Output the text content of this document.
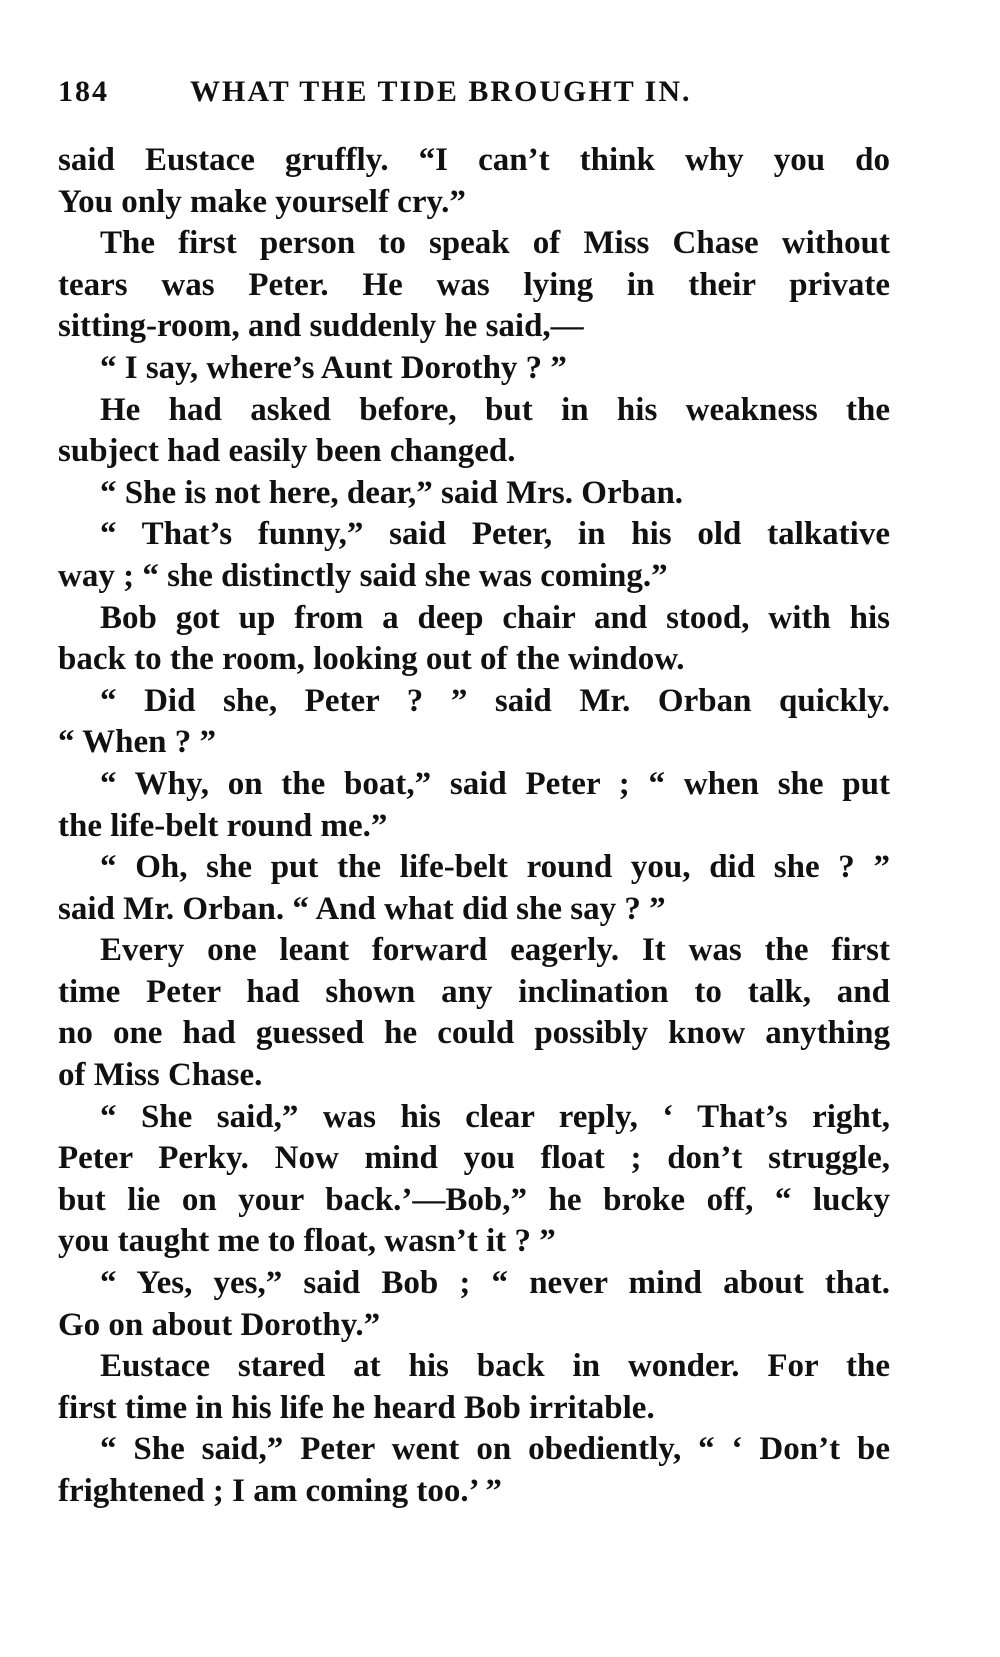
184	WHAT THE TIDE BROUGHT IN.
said Eustace gruffly. “I can’t think why you do
You only make yourself cry.”
The first person to speak of Miss Chase without
tears was Peter. He was lying in their private
sitting-room, and suddenly he said,—
“ I say, where’s Aunt Dorothy ? ”
He had asked before, but in his weakness the
subject had easily been changed.
“ She is not here, dear,” said Mrs. Orban.
“ That’s funny,” said Peter, in his old talkative
way ; “ she distinctly said she was coming.”
Bob got up from a deep chair and stood, with his
back to the room, looking out of the window.
“ Did she, Peter ? ” said Mr. Orban quickly.
“ When ? ”
“ Why, on the boat,” said Peter ; “ when she put
the life-belt round me.”
“ Oh, she put the life-belt round you, did she ? ”
said Mr. Orban. “ And what did she say ? ”
Every one leant forward eagerly. It was the first
time Peter had shown any inclination to talk, and
no one had guessed he could possibly know anything
of Miss Chase.
“ She said,” was his clear reply, ‘ That’s right,
Peter Perky. Now mind you float ; don’t struggle,
but lie on your back.’—Bob,” he broke off, “ lucky
you taught me to float, wasn’t it ? ”
“ Yes, yes,” said Bob ; “ never mind about that.
Go on about Dorothy.”
Eustace stared at his back in wonder. For the
first time in his life he heard Bob irritable.
“ She said,” Peter went on obediently, “ ‘ Don’t be
frightened ; I am coming too.’ ”
